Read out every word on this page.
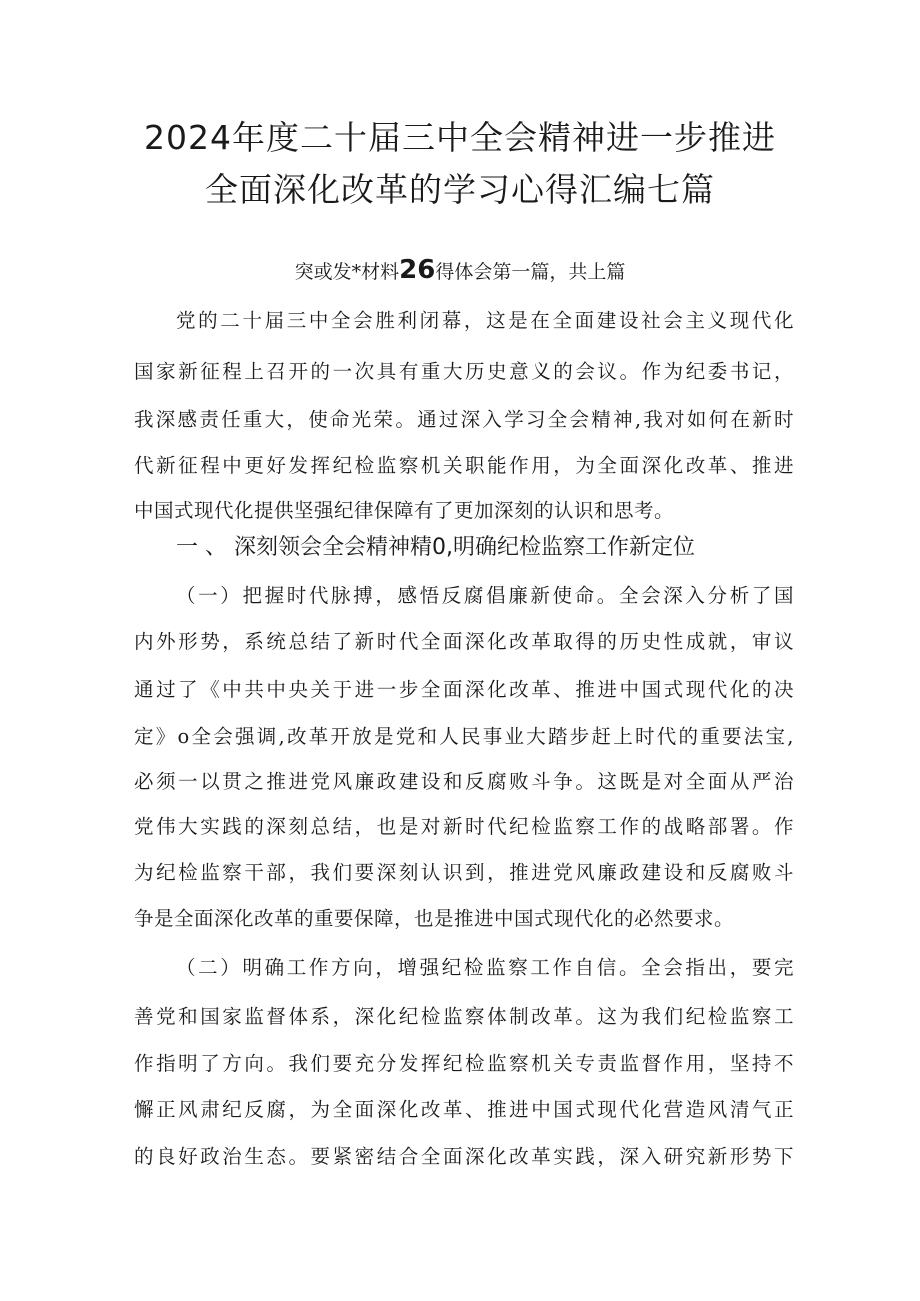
2024年度二十届三中全会精神进一步推进
全面深化改革的学习心得汇编七篇
突或发*材料26得体会第一篇，共上篇
党的二十届三中全会胜利闭幕，这是在全面建设社会主义现代化
国家新征程上召开的一次具有重大历史意义的会议。作为纪委书记，
我深感责任重大，使命光荣。通过深入学习全会精神,我对如何在新时
代新征程中更好发挥纪检监察机关职能作用，为全面深化改革、推进
中国式现代化提供坚强纪律保障有了更加深刻的认识和思考。
一 、 深刻领会全会精神精0,明确纪检监察工作新定位
（一）把握时代脉搏，感悟反腐倡廉新使命。全会深入分析了国
内外形势，系统总结了新时代全面深化改革取得的历史性成就，审议
通过了《中共中央关于进一步全面深化改革、推进中国式现代化的决
定》o全会强调,改革开放是党和人民事业大踏步赶上时代的重要法宝,
必须一以贯之推进党风廉政建设和反腐败斗争。这既是对全面从严治
党伟大实践的深刻总结，也是对新时代纪检监察工作的战略部署。作
为纪检监察干部，我们要深刻认识到，推进党风廉政建设和反腐败斗
争是全面深化改革的重要保障，也是推进中国式现代化的必然要求。
（二）明确工作方向，增强纪检监察工作自信。全会指出，要完
善党和国家监督体系，深化纪检监察体制改革。这为我们纪检监察工
作指明了方向。我们要充分发挥纪检监察机关专责监督作用，坚持不
懈正风肃纪反腐，为全面深化改革、推进中国式现代化营造风清气正
的良好政治生态。要紧密结合全面深化改革实践，深入研究新形势下
